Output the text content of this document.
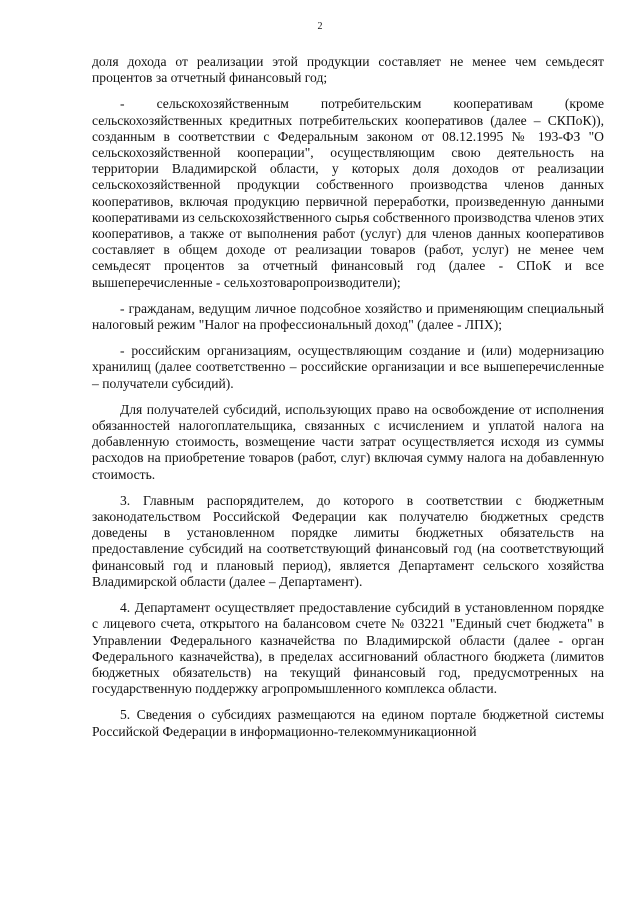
2

доля дохода от реализации этой продукции составляет не менее чем семьдесят процентов за отчетный финансовый год;

- сельскохозяйственным потребительским кооперативам (кроме сельскохозяйственных кредитных потребительских кооперативов (далее – СКПоК)), созданным в соответствии с Федеральным законом от 08.12.1995 № 193-ФЗ "О сельскохозяйственной кооперации", осуществляющим свою деятельность на территории Владимирской области, у которых доля доходов от реализации сельскохозяйственной продукции собственного производства членов данных кооперативов, включая продукцию первичной переработки, произведенную данными кооперативами из сельскохозяйственного сырья собственного производства членов этих кооперативов, а также от выполнения работ (услуг) для членов данных кооперативов составляет в общем доходе от реализации товаров (работ, услуг) не менее чем семьдесят процентов за отчетный финансовый год (далее - СПоК и все вышеперечисленные - сельхозтоваропроизводители);

- гражданам, ведущим личное подсобное хозяйство и применяющим специальный налоговый режим "Налог на профессиональный доход" (далее - ЛПХ);

- российским организациям, осуществляющим создание и (или) модернизацию хранилищ (далее соответственно – российские организации и все вышеперечисленные – получатели субсидий).

Для получателей субсидий, использующих право на освобождение от исполнения обязанностей налогоплательщика, связанных с исчислением и уплатой налога на добавленную стоимость, возмещение части затрат осуществляется исходя из суммы расходов на приобретение товаров (работ, слуг) включая сумму налога на добавленную стоимость.

3. Главным распорядителем, до которого в соответствии с бюджетным законодательством Российской Федерации как получателю бюджетных средств доведены в установленном порядке лимиты бюджетных обязательств на предоставление субсидий на соответствующий финансовый год (на соответствующий финансовый год и плановый период), является Департамент сельского хозяйства Владимирской области (далее – Департамент).

4. Департамент осуществляет предоставление субсидий в установленном порядке с лицевого счета, открытого на балансовом счете № 03221 "Единый счет бюджета" в Управлении Федерального казначейства по Владимирской области (далее - орган Федерального казначейства), в пределах ассигнований областного бюджета (лимитов бюджетных обязательств) на текущий финансовый год, предусмотренных на государственную поддержку агропромышленного комплекса области.

5. Сведения о субсидиях размещаются на едином портале бюджетной системы Российской Федерации в информационно-телекоммуникационной
